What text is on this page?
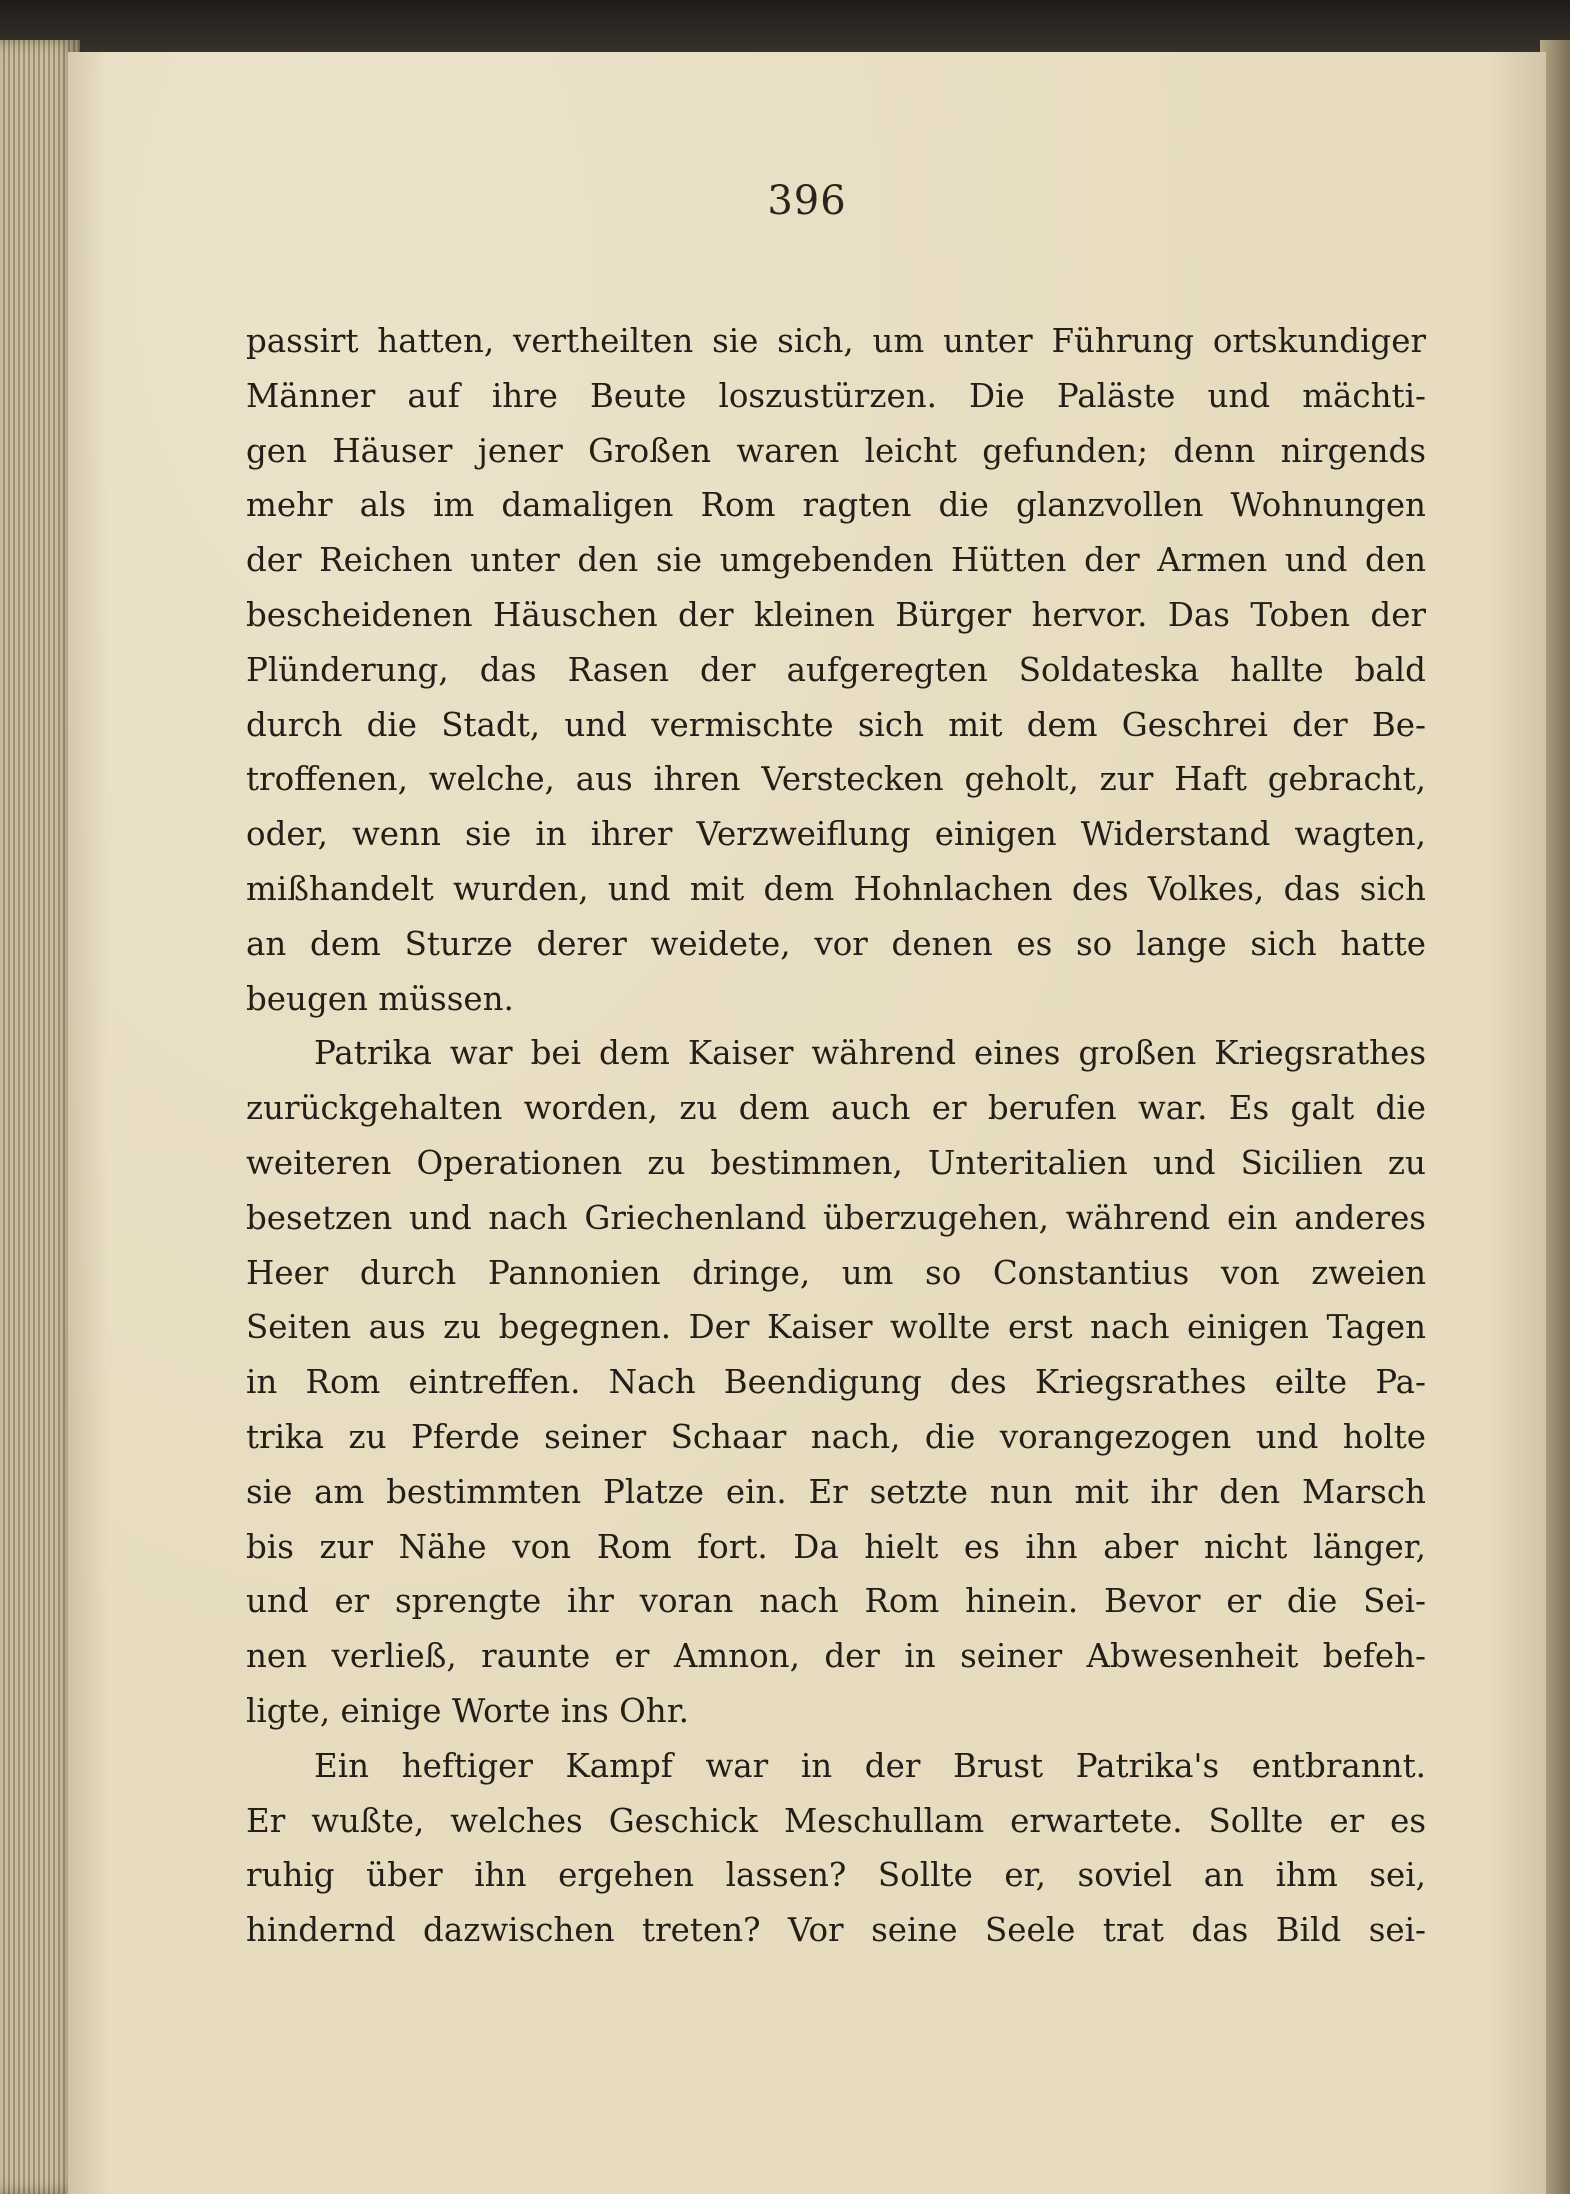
396
passirt hatten, vertheilten sie sich, um unter Führung ortskundiger
Männer auf ihre Beute loszustürzen. Die Paläste und mächti-
gen Häuser jener Großen waren leicht gefunden; denn nirgends
mehr als im damaligen Rom ragten die glanzvollen Wohnungen
der Reichen unter den sie umgebenden Hütten der Armen und den
bescheidenen Häuschen der kleinen Bürger hervor. Das Toben der
Plünderung, das Rasen der aufgeregten Soldateska hallte bald
durch die Stadt, und vermischte sich mit dem Geschrei der Be-
troffenen, welche, aus ihren Verstecken geholt, zur Haft gebracht,
oder, wenn sie in ihrer Verzweiflung einigen Widerstand wagten,
mißhandelt wurden, und mit dem Hohnlachen des Volkes, das sich
an dem Sturze derer weidete, vor denen es so lange sich hatte
beugen müssen.
Patrika war bei dem Kaiser während eines großen Kriegsrathes
zurückgehalten worden, zu dem auch er berufen war. Es galt die
weiteren Operationen zu bestimmen, Unteritalien und Sicilien zu
besetzen und nach Griechenland überzugehen, während ein anderes
Heer durch Pannonien dringe, um so Constantius von zweien
Seiten aus zu begegnen. Der Kaiser wollte erst nach einigen Tagen
in Rom eintreffen. Nach Beendigung des Kriegsrathes eilte Pa-
trika zu Pferde seiner Schaar nach, die vorangezogen und holte
sie am bestimmten Platze ein. Er setzte nun mit ihr den Marsch
bis zur Nähe von Rom fort. Da hielt es ihn aber nicht länger,
und er sprengte ihr voran nach Rom hinein. Bevor er die Sei-
nen verließ, raunte er Amnon, der in seiner Abwesenheit befeh-
ligte, einige Worte ins Ohr.
Ein heftiger Kampf war in der Brust Patrika's entbrannt.
Er wußte, welches Geschick Meschullam erwartete. Sollte er es
ruhig über ihn ergehen lassen? Sollte er, soviel an ihm sei,
hindernd dazwischen treten? Vor seine Seele trat das Bild sei-
